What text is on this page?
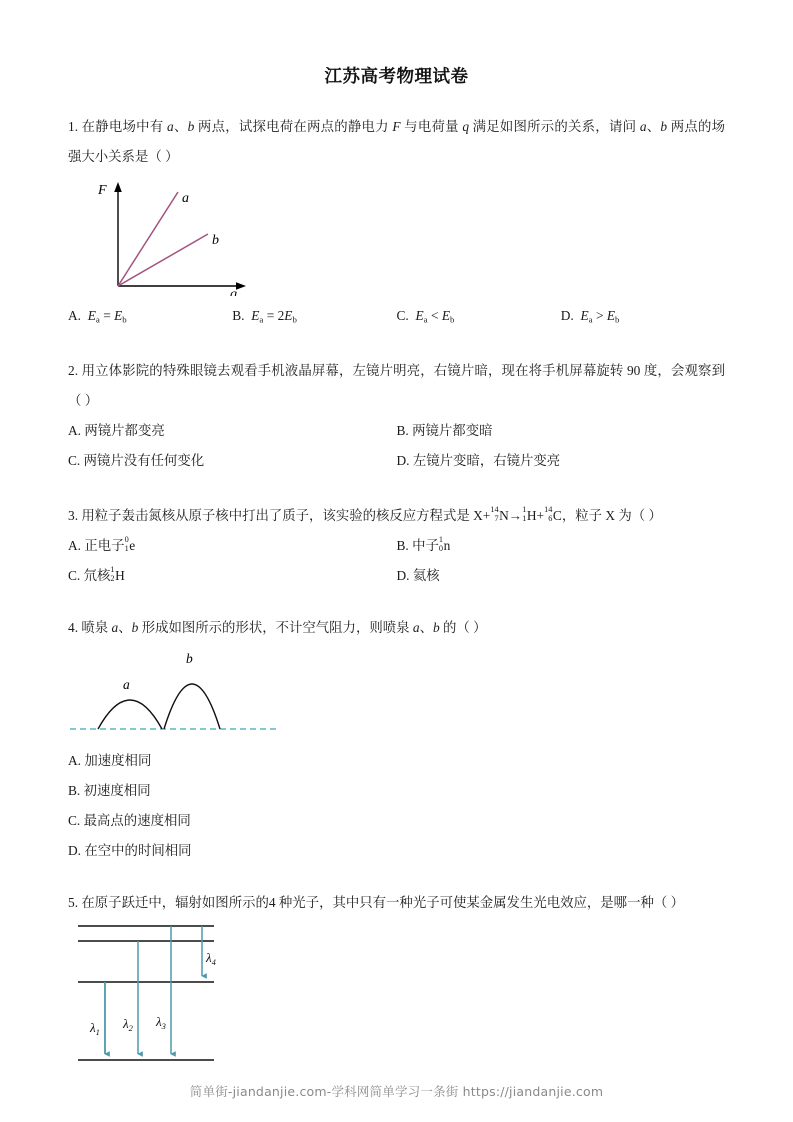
江苏高考物理试卷
1. 在静电场中有 a、b 两点，试探电荷在两点的静电力 F 与电荷量 q 满足如图所示的关系，请问 a、b 两点的场强大小关系是（ ）
F
q
a
b
A. Ea = Eb	B. Ea = 2Eb	C. Ea < Eb	D. Ea > Eb
2. 用立体影院的特殊眼镜去观看手机液晶屏幕，左镜片明亮，右镜片暗，现在将手机屏幕旋转 90 度，会观察到（ ）
A. 两镜片都变亮	B. 两镜片都变暗
C. 两镜片没有任何变化	D. 左镜片变暗，右镜片变亮
3. 用粒子轰击氮核从原子核中打出了质子，该实验的核反应方程式是 X+ 14
7 N→ 1
1 H+ 14
6 C，粒子 X 为（ ）
A. 正电子 0
1 e	B. 中子 1
0 n
C. 氘核 1
2 H	D. 氦核
4. 喷泉 a、b 形成如图所示的形状，不计空气阻力，则喷泉 a、b 的（ ）
a
b
A. 加速度相同
B. 初速度相同
C. 最高点的速度相同
D. 在空中的时间相同
5. 在原子跃迁中，辐射如图所示的4 种光子，其中只有一种光子可使某金属发生光电效应，是哪一种（ ）
$\lambda_1$
$\lambda_2$ $\lambda_3$
$\lambda_4$
简单街-jiandanjie.com-学科网简单学习一条街 https://jiandanjie.com
